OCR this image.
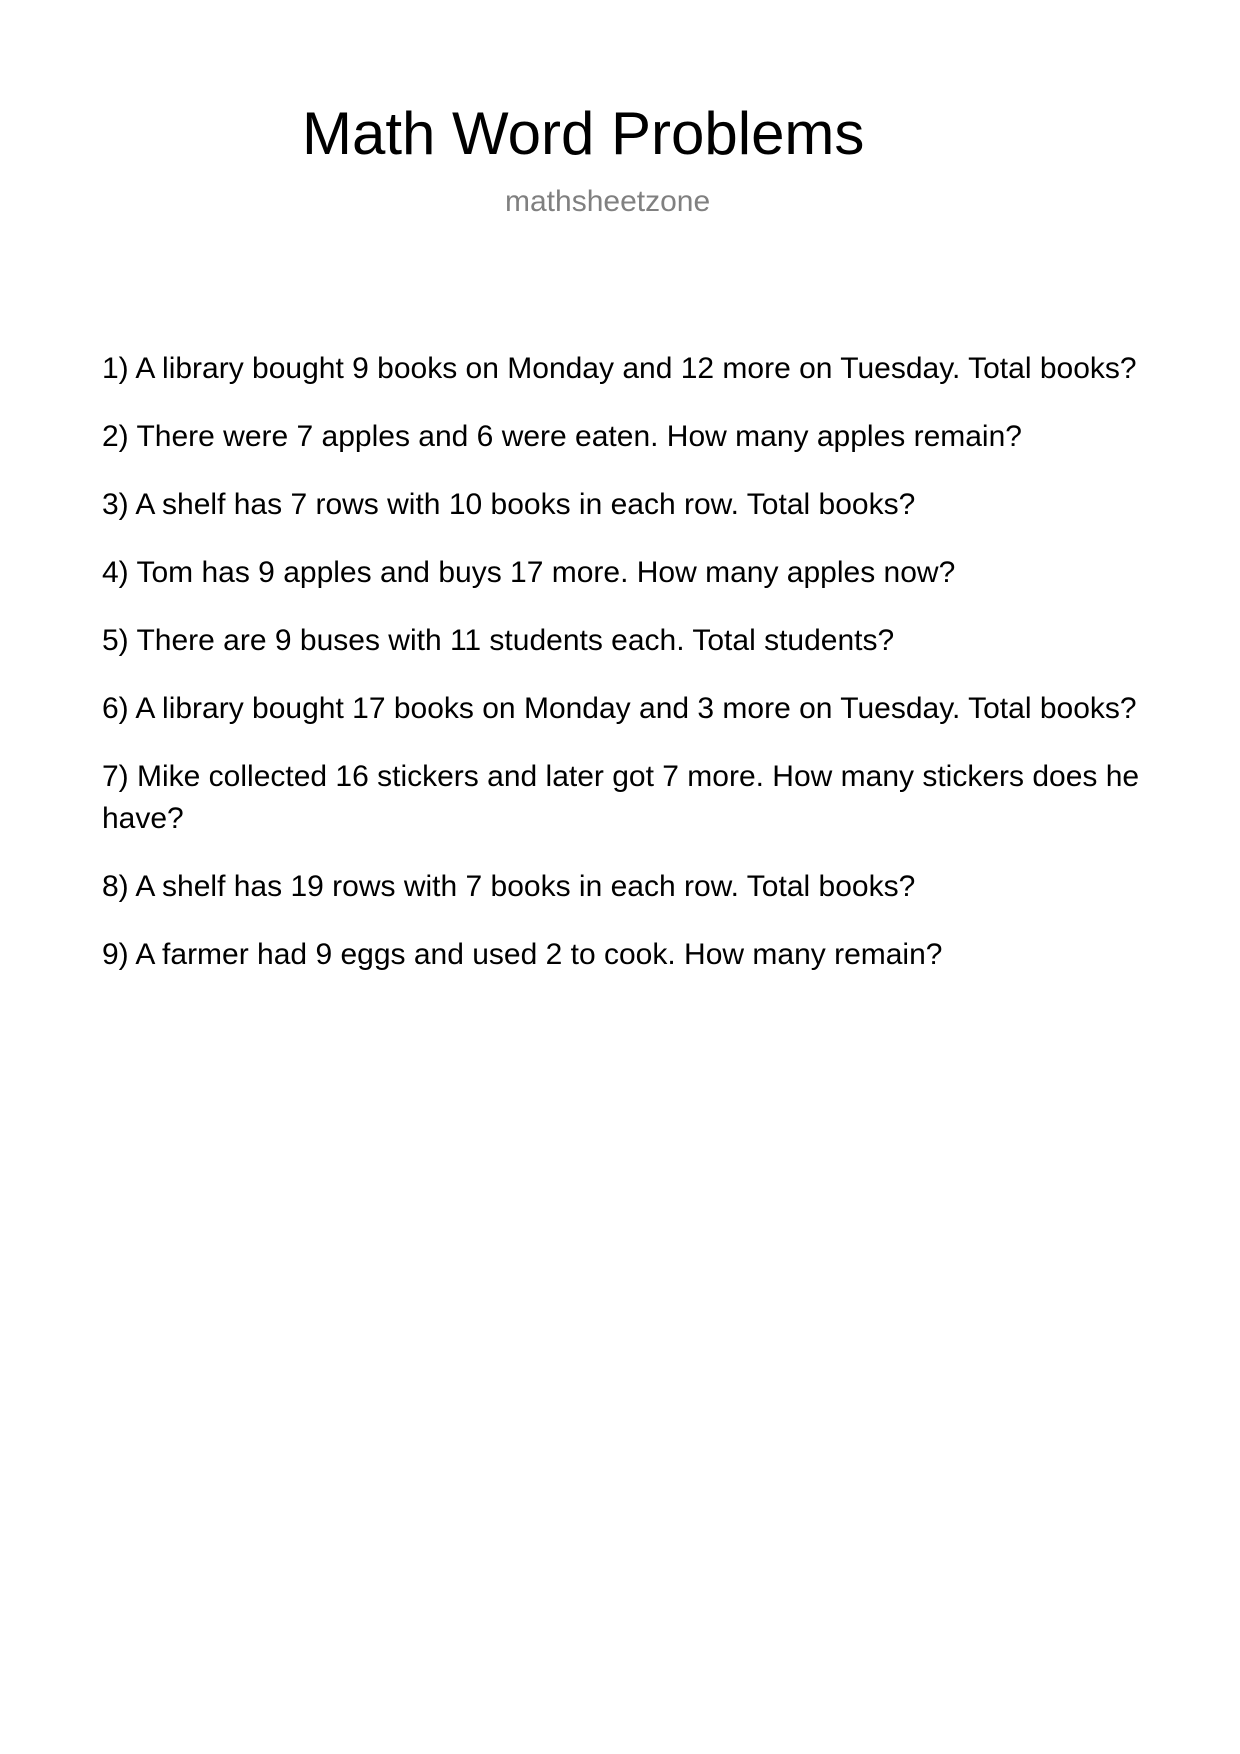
Math Word Problems
mathsheetzone
1) A library bought 9 books on Monday and 12 more on Tuesday. Total books?
2) There were 7 apples and 6 were eaten. How many apples remain?
3) A shelf has 7 rows with 10 books in each row. Total books?
4) Tom has 9 apples and buys 17 more. How many apples now?
5) There are 9 buses with 11 students each. Total students?
6) A library bought 17 books on Monday and 3 more on Tuesday. Total books?
7) Mike collected 16 stickers and later got 7 more. How many stickers does he have?
8) A shelf has 19 rows with 7 books in each row. Total books?
9) A farmer had 9 eggs and used 2 to cook. How many remain?
